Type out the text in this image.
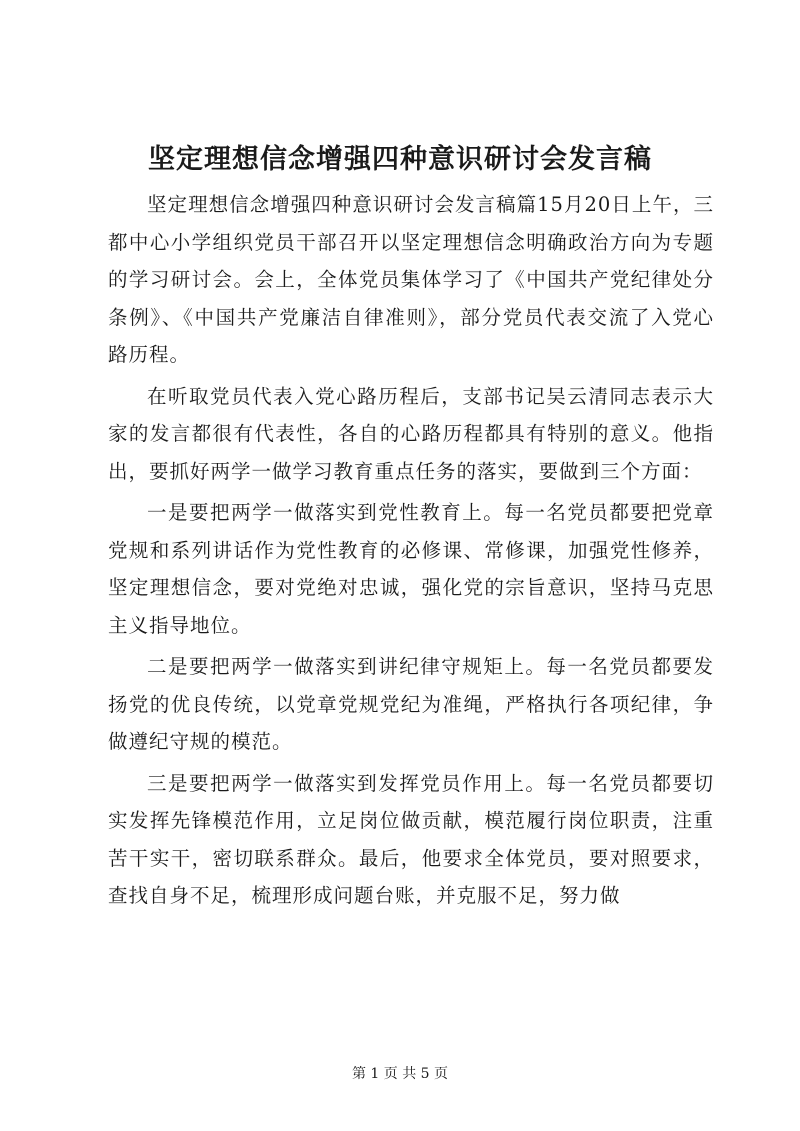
坚定理想信念增强四种意识研讨会发言稿

坚定理想信念增强四种意识研讨会发言稿篇15月20日上午，三都中心小学组织党员干部召开以坚定理想信念明确政治方向为专题的学习研讨会。会上，全体党员集体学习了《中国共产党纪律处分条例》、《中国共产党廉洁自律准则》，部分党员代表交流了入党心路历程。

在听取党员代表入党心路历程后，支部书记吴云清同志表示大家的发言都很有代表性，各自的心路历程都具有特别的意义。他指出，要抓好两学一做学习教育重点任务的落实，要做到三个方面：

一是要把两学一做落实到党性教育上。每一名党员都要把党章党规和系列讲话作为党性教育的必修课、常修课，加强党性修养，坚定理想信念，要对党绝对忠诚，强化党的宗旨意识，坚持马克思主义指导地位。

二是要把两学一做落实到讲纪律守规矩上。每一名党员都要发扬党的优良传统，以党章党规党纪为准绳，严格执行各项纪律，争做遵纪守规的模范。

三是要把两学一做落实到发挥党员作用上。每一名党员都要切实发挥先锋模范作用，立足岗位做贡献，模范履行岗位职责，注重苦干实干，密切联系群众。最后，他要求全体党员，要对照要求，查找自身不足，梳理形成问题台账，并克服不足，努力做

第 1 页 共 5 页
